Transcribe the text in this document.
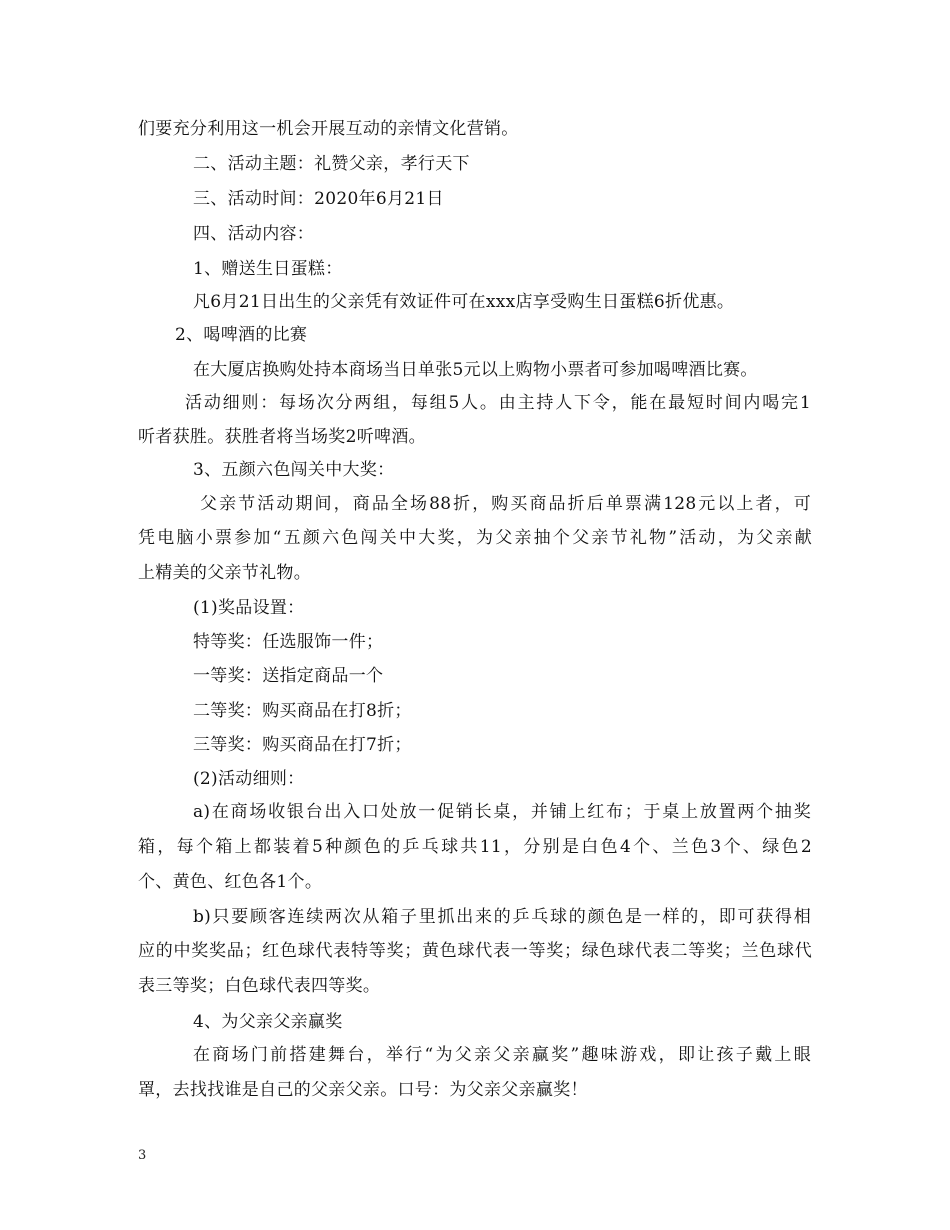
们要充分利用这一机会开展互动的亲情文化营销。
二、活动主题：礼赞父亲，孝行天下
三、活动时间：2020年6月21日
四、活动内容：
1、赠送生日蛋糕：
凡6月21日出生的父亲凭有效证件可在xxx店享受购生日蛋糕6折优惠。
2、喝啤酒的比赛
在大厦店换购处持本商场当日单张5元以上购物小票者可参加喝啤酒比赛。
活动细则：每场次分两组，每组5人。由主持人下令，能在最短时间内喝完1
听者获胜。获胜者将当场奖2听啤酒。
3、五颜六色闯关中大奖：
父亲节活动期间，商品全场88折，购买商品折后单票满128元以上者，可
凭电脑小票参加“五颜六色闯关中大奖，为父亲抽个父亲节礼物”活动，为父亲献
上精美的父亲节礼物。
(1)奖品设置：
特等奖：任选服饰一件；
一等奖：送指定商品一个
二等奖：购买商品在打8折；
三等奖：购买商品在打7折；
(2)活动细则：
a)在商场收银台出入口处放一促销长桌，并铺上红布；于桌上放置两个抽奖
箱，每个箱上都装着5种颜色的乒乓球共11，分别是白色4个、兰色3个、绿色2
个、黄色、红色各1个。
b)只要顾客连续两次从箱子里抓出来的乒乓球的颜色是一样的，即可获得相
应的中奖奖品；红色球代表特等奖；黄色球代表一等奖；绿色球代表二等奖；兰色球代
表三等奖；白色球代表四等奖。
4、为父亲父亲赢奖
在商场门前搭建舞台，举行“为父亲父亲赢奖”趣味游戏，即让孩子戴上眼
罩，去找找谁是自己的父亲父亲。口号：为父亲父亲赢奖！
3
